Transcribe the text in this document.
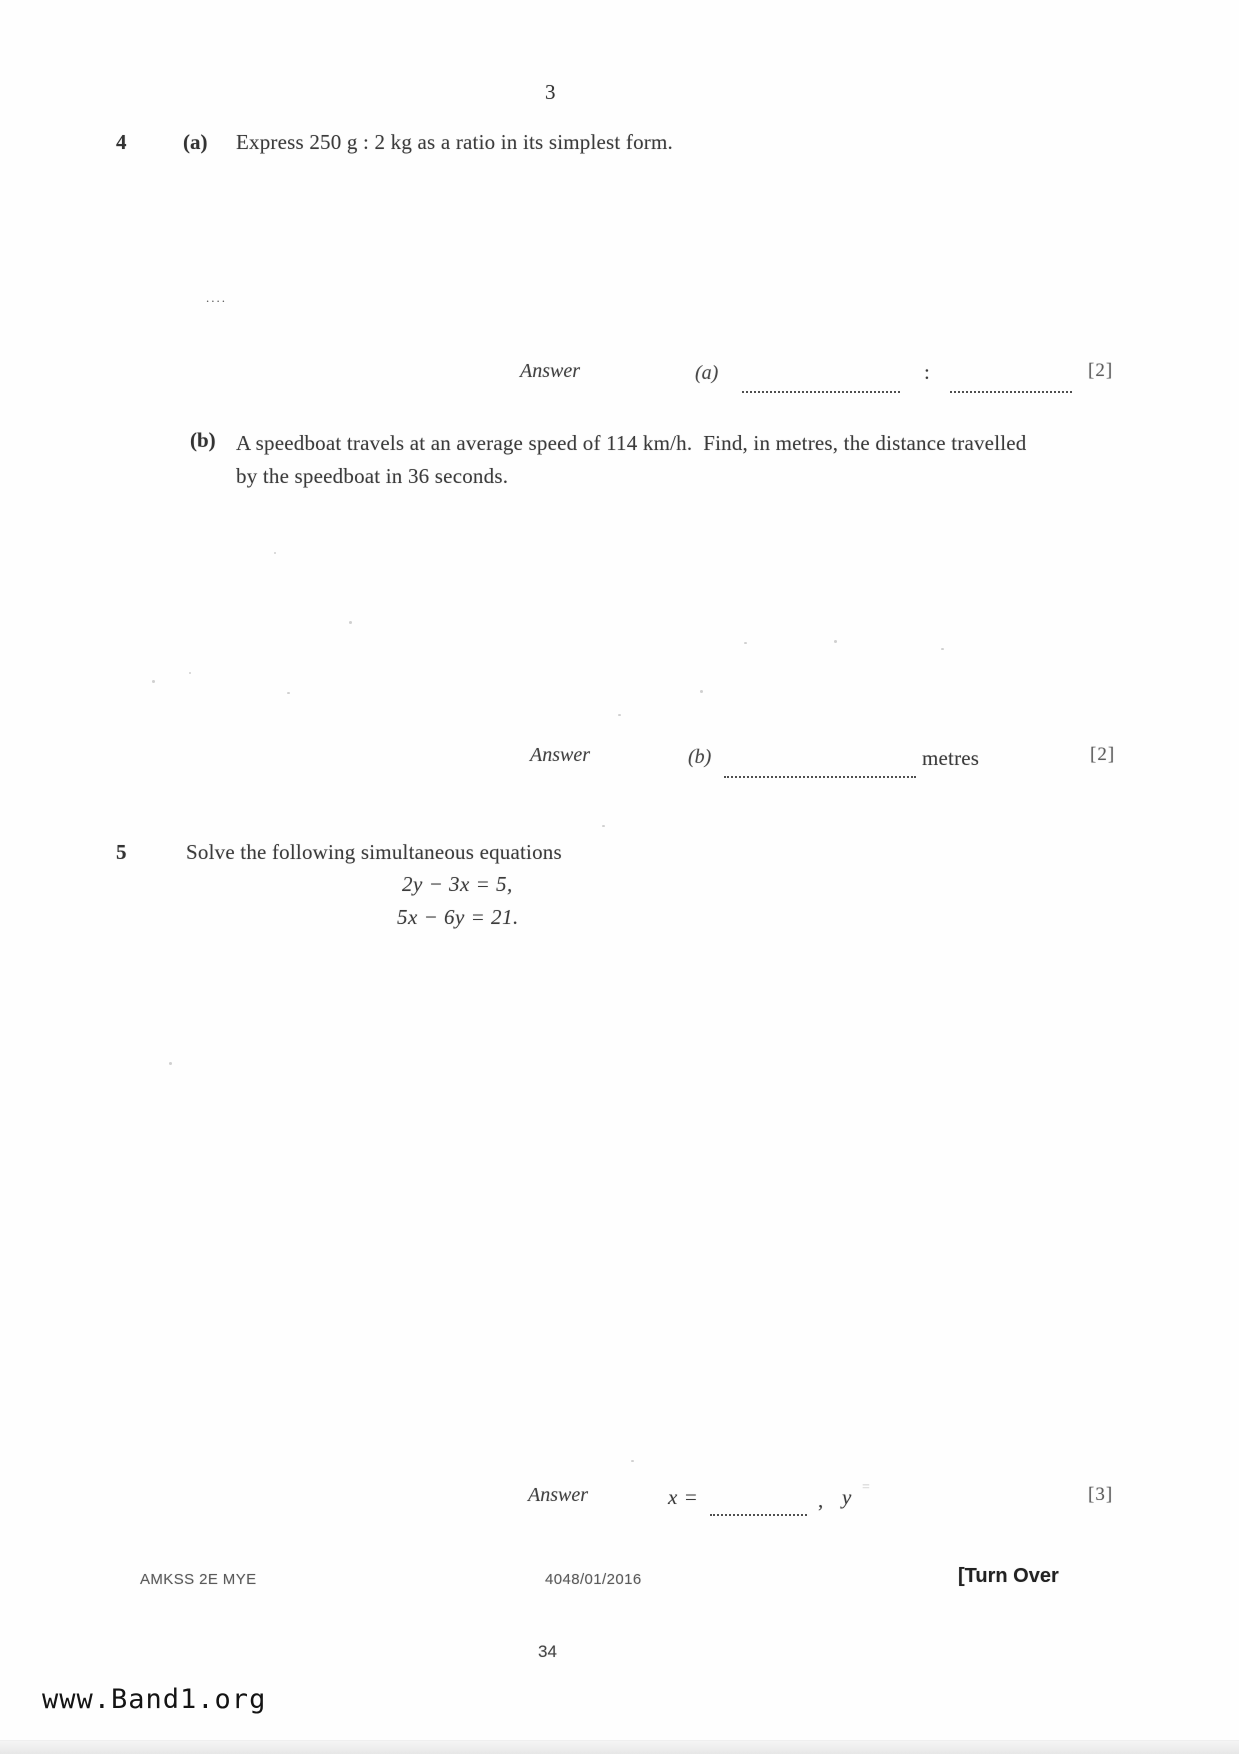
3
4	(a) Express 250 g : 2 kg as a ratio in its simplest form.
....
Answer	(a)	:	[2]
(b) A speedboat travels at an average speed of 114 km/h.  Find, in metres, the distance travelled by the speedboat in 36 seconds.
Answer	(b)	metres	[2]
5	Solve the following simultaneous equations
2y − 3x = 5,
5x − 6y = 21.
Answer	x =	, y =	[3]
AMKSS 2E MYE	4048/01/2016	[Turn Over
34
www.Band1.org
